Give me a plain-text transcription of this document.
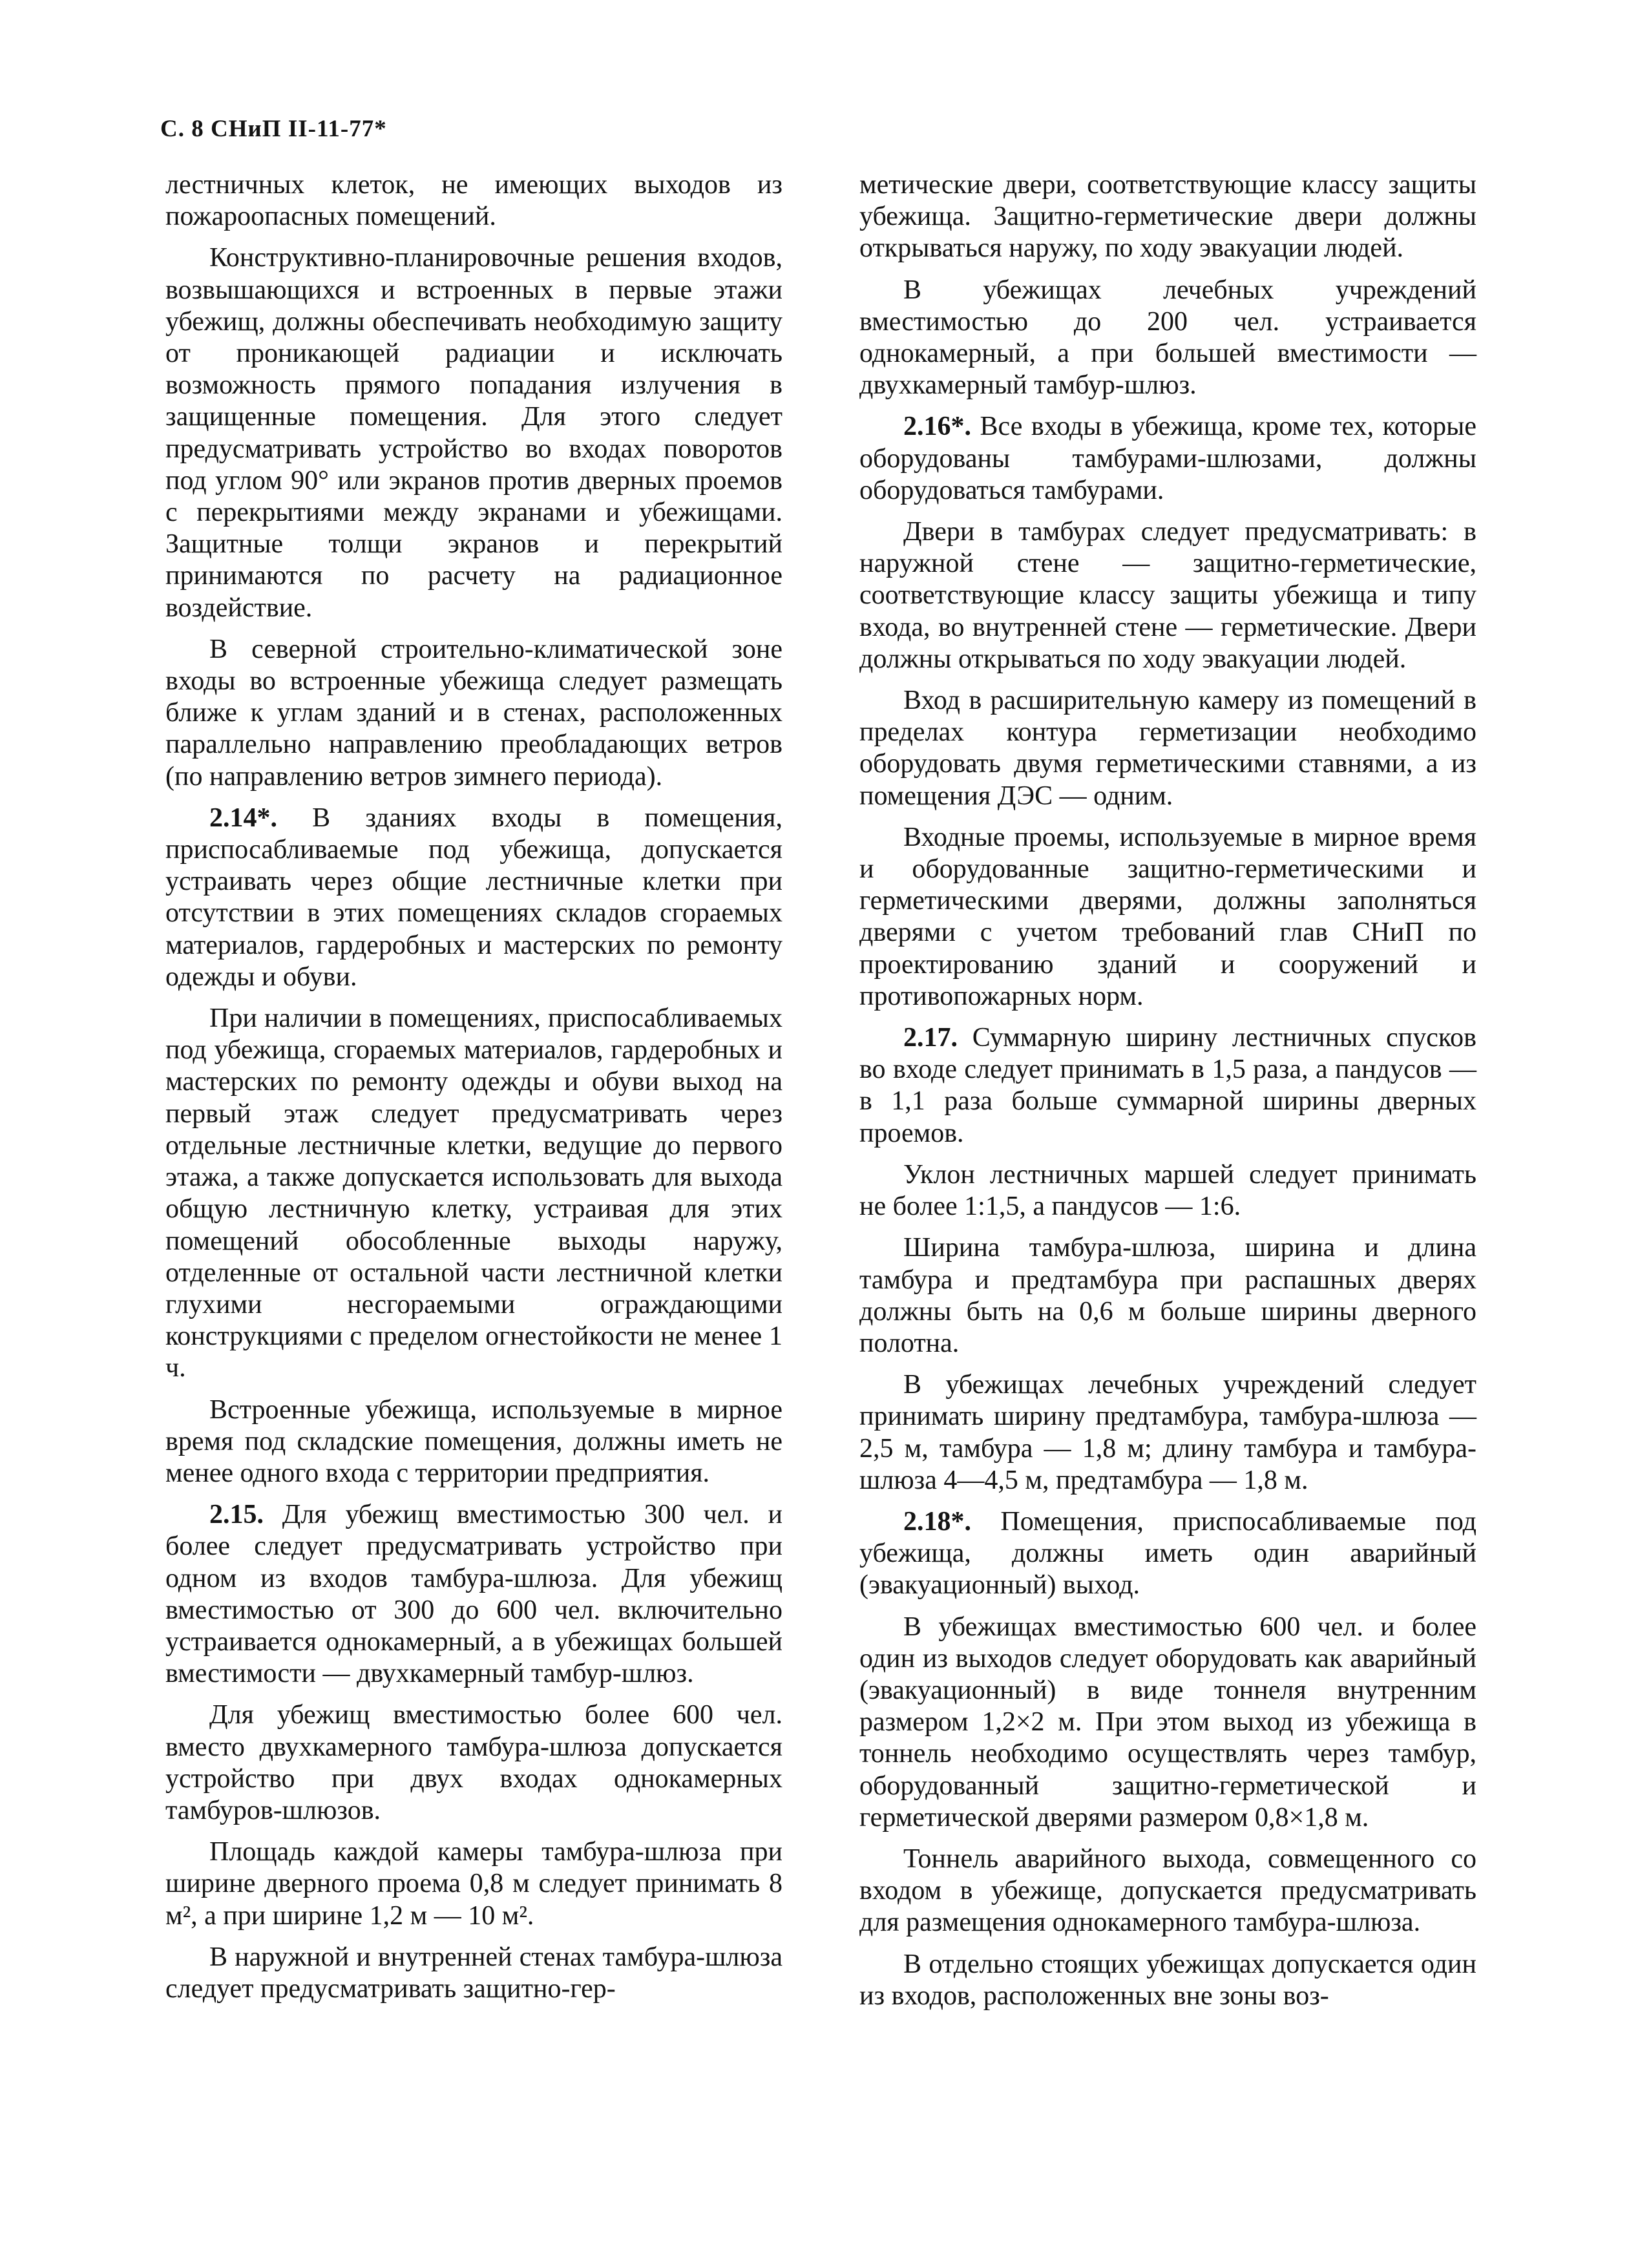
С. 8 СНиП II-11-77*

лестничных клеток, не имеющих выходов из пожароопасных помещений.

Конструктивно-планировочные решения входов, возвышающихся и встроенных в первые этажи убежищ, должны обеспечивать необходимую защиту от проникающей радиации и исключать возможность прямого попадания излучения в защищенные помещения. Для этого следует предусматривать устройство во входах поворотов под углом 90° или экранов против дверных проемов с перекрытиями между экранами и убежищами. Защитные толщи экранов и перекрытий принимаются по расчету на радиационное воздействие.

В северной строительно-климатической зоне входы во встроенные убежища следует размещать ближе к углам зданий и в стенах, расположенных параллельно направлению преобладающих ветров (по направлению ветров зимнего периода).

2.14*. В зданиях входы в помещения, приспосабливаемые под убежища, допускается устраивать через общие лестничные клетки при отсутствии в этих помещениях складов сгораемых материалов, гардеробных и мастерских по ремонту одежды и обуви.

При наличии в помещениях, приспосабливаемых под убежища, сгораемых материалов, гардеробных и мастерских по ремонту одежды и обуви выход на первый этаж следует предусматривать через отдельные лестничные клетки, ведущие до первого этажа, а также допускается использовать для выхода общую лестничную клетку, устраивая для этих помещений обособленные выходы наружу, отделенные от остальной части лестничной клетки глухими несгораемыми ограждающими конструкциями с пределом огнестойкости не менее 1 ч.

Встроенные убежища, используемые в мирное время под складские помещения, должны иметь не менее одного входа с территории предприятия.

2.15. Для убежищ вместимостью 300 чел. и более следует предусматривать устройство при одном из входов тамбура-шлюза. Для убежищ вместимостью от 300 до 600 чел. включительно устраивается однокамерный, а в убежищах большей вместимости — двухкамерный тамбур-шлюз.

Для убежищ вместимостью более 600 чел. вместо двухкамерного тамбура-шлюза допускается устройство при двух входах однокамерных тамбуров-шлюзов.

Площадь каждой камеры тамбура-шлюза при ширине дверного проема 0,8 м следует принимать 8 м², а при ширине 1,2 м — 10 м².

В наружной и внутренней стенах тамбура-шлюза следует предусматривать защитно-гер-

метические двери, соответствующие классу защиты убежища. Защитно-герметические двери должны открываться наружу, по ходу эвакуации людей.

В убежищах лечебных учреждений вместимостью до 200 чел. устраивается однокамерный, а при большей вместимости — двухкамерный тамбур-шлюз.

2.16*. Все входы в убежища, кроме тех, которые оборудованы тамбурами-шлюзами, должны оборудоваться тамбурами.

Двери в тамбурах следует предусматривать: в наружной стене — защитно-герметические, соответствующие классу защиты убежища и типу входа, во внутренней стене — герметические. Двери должны открываться по ходу эвакуации людей.

Вход в расширительную камеру из помещений в пределах контура герметизации необходимо оборудовать двумя герметическими ставнями, а из помещения ДЭС — одним.

Входные проемы, используемые в мирное время и оборудованные защитно-герметическими и герметическими дверями, должны заполняться дверями с учетом требований глав СНиП по проектированию зданий и сооружений и противопожарных норм.

2.17. Суммарную ширину лестничных спусков во входе следует принимать в 1,5 раза, а пандусов — в 1,1 раза больше суммарной ширины дверных проемов.

Уклон лестничных маршей следует принимать не более 1:1,5, а пандусов — 1:6.

Ширина тамбура-шлюза, ширина и длина тамбура и предтамбура при распашных дверях должны быть на 0,6 м больше ширины дверного полотна.

В убежищах лечебных учреждений следует принимать ширину предтамбура, тамбура-шлюза — 2,5 м, тамбура — 1,8 м; длину тамбура и тамбура-шлюза 4—4,5 м, предтамбура — 1,8 м.

2.18*. Помещения, приспосабливаемые под убежища, должны иметь один аварийный (эвакуационный) выход.

В убежищах вместимостью 600 чел. и более один из выходов следует оборудовать как аварийный (эвакуационный) в виде тоннеля внутренним размером 1,2×2 м. При этом выход из убежища в тоннель необходимо осуществлять через тамбур, оборудованный защитно-герметической и герметической дверями размером 0,8×1,8 м.

Тоннель аварийного выхода, совмещенного со входом в убежище, допускается предусматривать для размещения однокамерного тамбура-шлюза.

В отдельно стоящих убежищах допускается один из входов, расположенных вне зоны воз-
